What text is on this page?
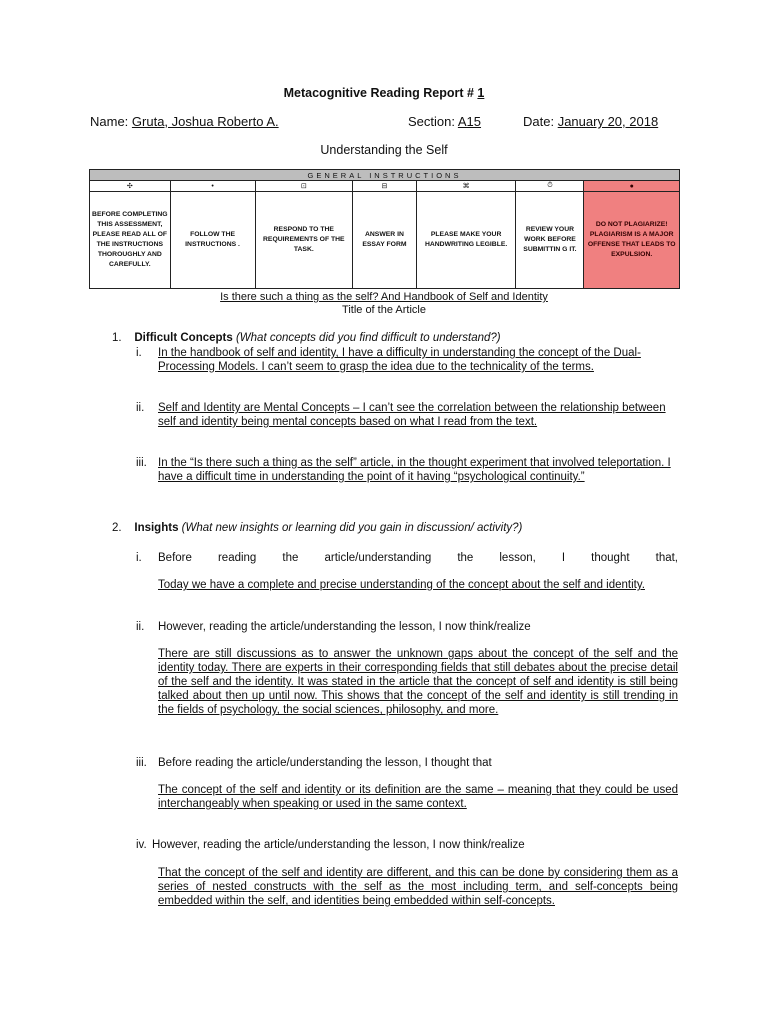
Metacognitive Reading Report # 1
Name: Gruta, Joshua Roberto A.	Section: A15	Date: January 20, 2018
Understanding the Self
GENERAL INSTRUCTIONS						
✣	•	⊡	⊟	⌘	⏱	●
BEFORE COMPLETING THIS ASSESSMENT, PLEASE READ ALL OF THE INSTRUCTIONS THOROUGHLY AND CAREFULLY.	FOLLOW THE INSTRUCTIONS .	RESPOND TO THE REQUIREMENTS OF THE TASK.	ANSWER IN ESSAY FORM	PLEASE MAKE YOUR HANDWRITING LEGIBLE.	REVIEW YOUR WORK BEFORE SUBMITTIN G IT.	DO NOT PLAGIARIZE! PLAGIARISM IS A MAJOR OFFENSE THAT LEADS TO EXPULSION.
Is there such a thing as the self? And Handbook of Self and Identity
Title of the Article
1. Difficult Concepts (What concepts did you find difficult to understand?)
i. In the handbook of self and identity, I have a difficulty in understanding the concept of the Dual-Processing Models. I can’t seem to grasp the idea due to the technicality of the terms.
ii. Self and Identity are Mental Concepts – I can’t see the correlation between the relationship between self and identity being mental concepts based on what I read from the text.
iii. In the “Is there such a thing as the self” article, in the thought experiment that involved teleportation. I have a difficult time in understanding the point of it having “psychological continuity.”
2. Insights (What new insights or learning did you gain in discussion/ activity?)
i. Before reading the article/understanding the lesson, I thought that,
Today we have a complete and precise understanding of the concept about the self and identity.
ii. However, reading the article/understanding the lesson, I now think/realize
There are still discussions as to answer the unknown gaps about the concept of the self and the identity today. There are experts in their corresponding fields that still debates about the precise detail of the self and the identity. It was stated in the article that the concept of self and identity is still being talked about then up until now. This shows that the concept of the self and identity is still trending in the fields of psychology, the social sciences, philosophy, and more.
iii. Before reading the article/understanding the lesson, I thought that
The concept of the self and identity or its definition are the same – meaning that they could be used interchangeably when speaking or used in the same context.
iv. However, reading the article/understanding the lesson, I now think/realize
That the concept of the self and identity are different, and this can be done by considering them as a series of nested constructs with the self as the most including term, and self-concepts being embedded within the self, and identities being embedded within self-concepts.
